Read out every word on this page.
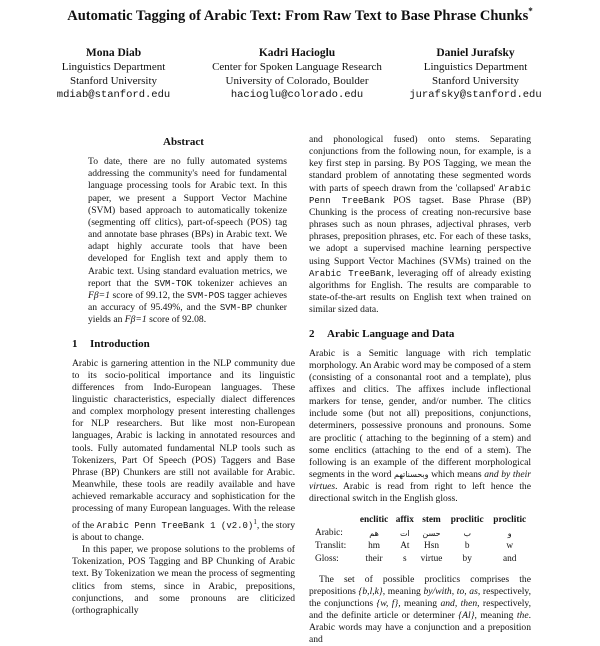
Automatic Tagging of Arabic Text: From Raw Text to Base Phrase Chunks*
Mona Diab
Linguistics Department
Stanford University
mdiab@stanford.edu
Kadri Hacioglu
Center for Spoken Language Research
University of Colorado, Boulder
hacioglu@colorado.edu
Daniel Jurafsky
Linguistics Department
Stanford University
jurafsky@stanford.edu
Abstract

To date, there are no fully automated systems addressing the community's need for fundamental language processing tools for Arabic text. In this paper, we present a Support Vector Machine (SVM) based approach to automatically tokenize (segmenting off clitics), part-of-speech (POS) tag and annotate base phrases (BPs) in Arabic text. We adapt highly accurate tools that have been developed for English text and apply them to Arabic text. Using standard evaluation metrics, we report that the SVM-TOK tokenizer achieves an Fβ=1 score of 99.12, the SVM-POS tagger achieves an accuracy of 95.49%, and the SVM-BP chunker yields an Fβ=1 score of 92.08.

1 Introduction

Arabic is garnering attention in the NLP community due to its socio-political importance and its linguistic differences from Indo-European languages. These linguistic characteristics, especially dialect differences and complex morphology present interesting challenges for NLP researchers. But like most non-European languages, Arabic is lacking in annotated resources and tools. Fully automated fundamental NLP tools such as Tokenizers, Part Of Speech (POS) Taggers and Base Phrase (BP) Chunkers are still not available for Arabic. Meanwhile, these tools are readily available and have achieved remarkable accuracy and sophistication for the processing of many European languages. With the release of the Arabic Penn TreeBank 1 $(v2.0)^1$, the story is about to change.

In this paper, we propose solutions to the problems of Tokenization, POS Tagging and BP Chunking of Arabic text. By Tokenization we mean the process of segmenting clitics from stems, since in Arabic, prepositions, conjunctions, and some pronouns are cliticized (orthographically

and phonological fused) onto stems. Separating conjunctions from the following noun, for example, is a key first step in parsing. By POS Tagging, we mean the standard problem of annotating these segmented words with parts of speech drawn from the 'collapsed' Arabic Penn TreeBank POS tagset. Base Phrase (BP) Chunking is the process of creating non-recursive base phrases such as noun phrases, adjectival phrases, verb phrases, preposition phrases, etc. For each of these tasks, we adopt a supervised machine learning perspective using Support Vector Machines (SVMs) trained on the Arabic TreeBank, leveraging off of already existing algorithms for English. The results are comparable to state-of-the-art results on English text when trained on similar sized data.

2 Arabic Language and Data

Arabic is a Semitic language with rich templatic morphology. An Arabic word may be composed of a stem (consisting of a consonantal root and a template), plus affixes and clitics. The affixes include inflectional markers for tense, gender, and/or number. The clitics include some (but not all) prepositions, conjunctions, determiners, possessive pronouns and pronouns. Some are proclitic ( attaching to the beginning of a stem) and some enclitics (attaching to the end of a stem). The following is an example of the different morphological segments in the word وبحسناتهم which means and by their virtues. Arabic is read from right to left hence the directional switch in the English gloss.

	enclitic	affix	stem	proclitic	proclitic
Arabic:	هم	ات	حسن	ب	و
Translit:	hm	At	Hsn	b	w
Gloss:	their	s	virtue	by	and

The set of possible proclitics comprises the prepositions {b,l,k}, meaning by/with, to, as, respectively, the conjunctions {w, f}, meaning and, then, respectively, and the definite article or determiner {Al}, meaning the. Arabic words may have a conjunction and a preposition and
